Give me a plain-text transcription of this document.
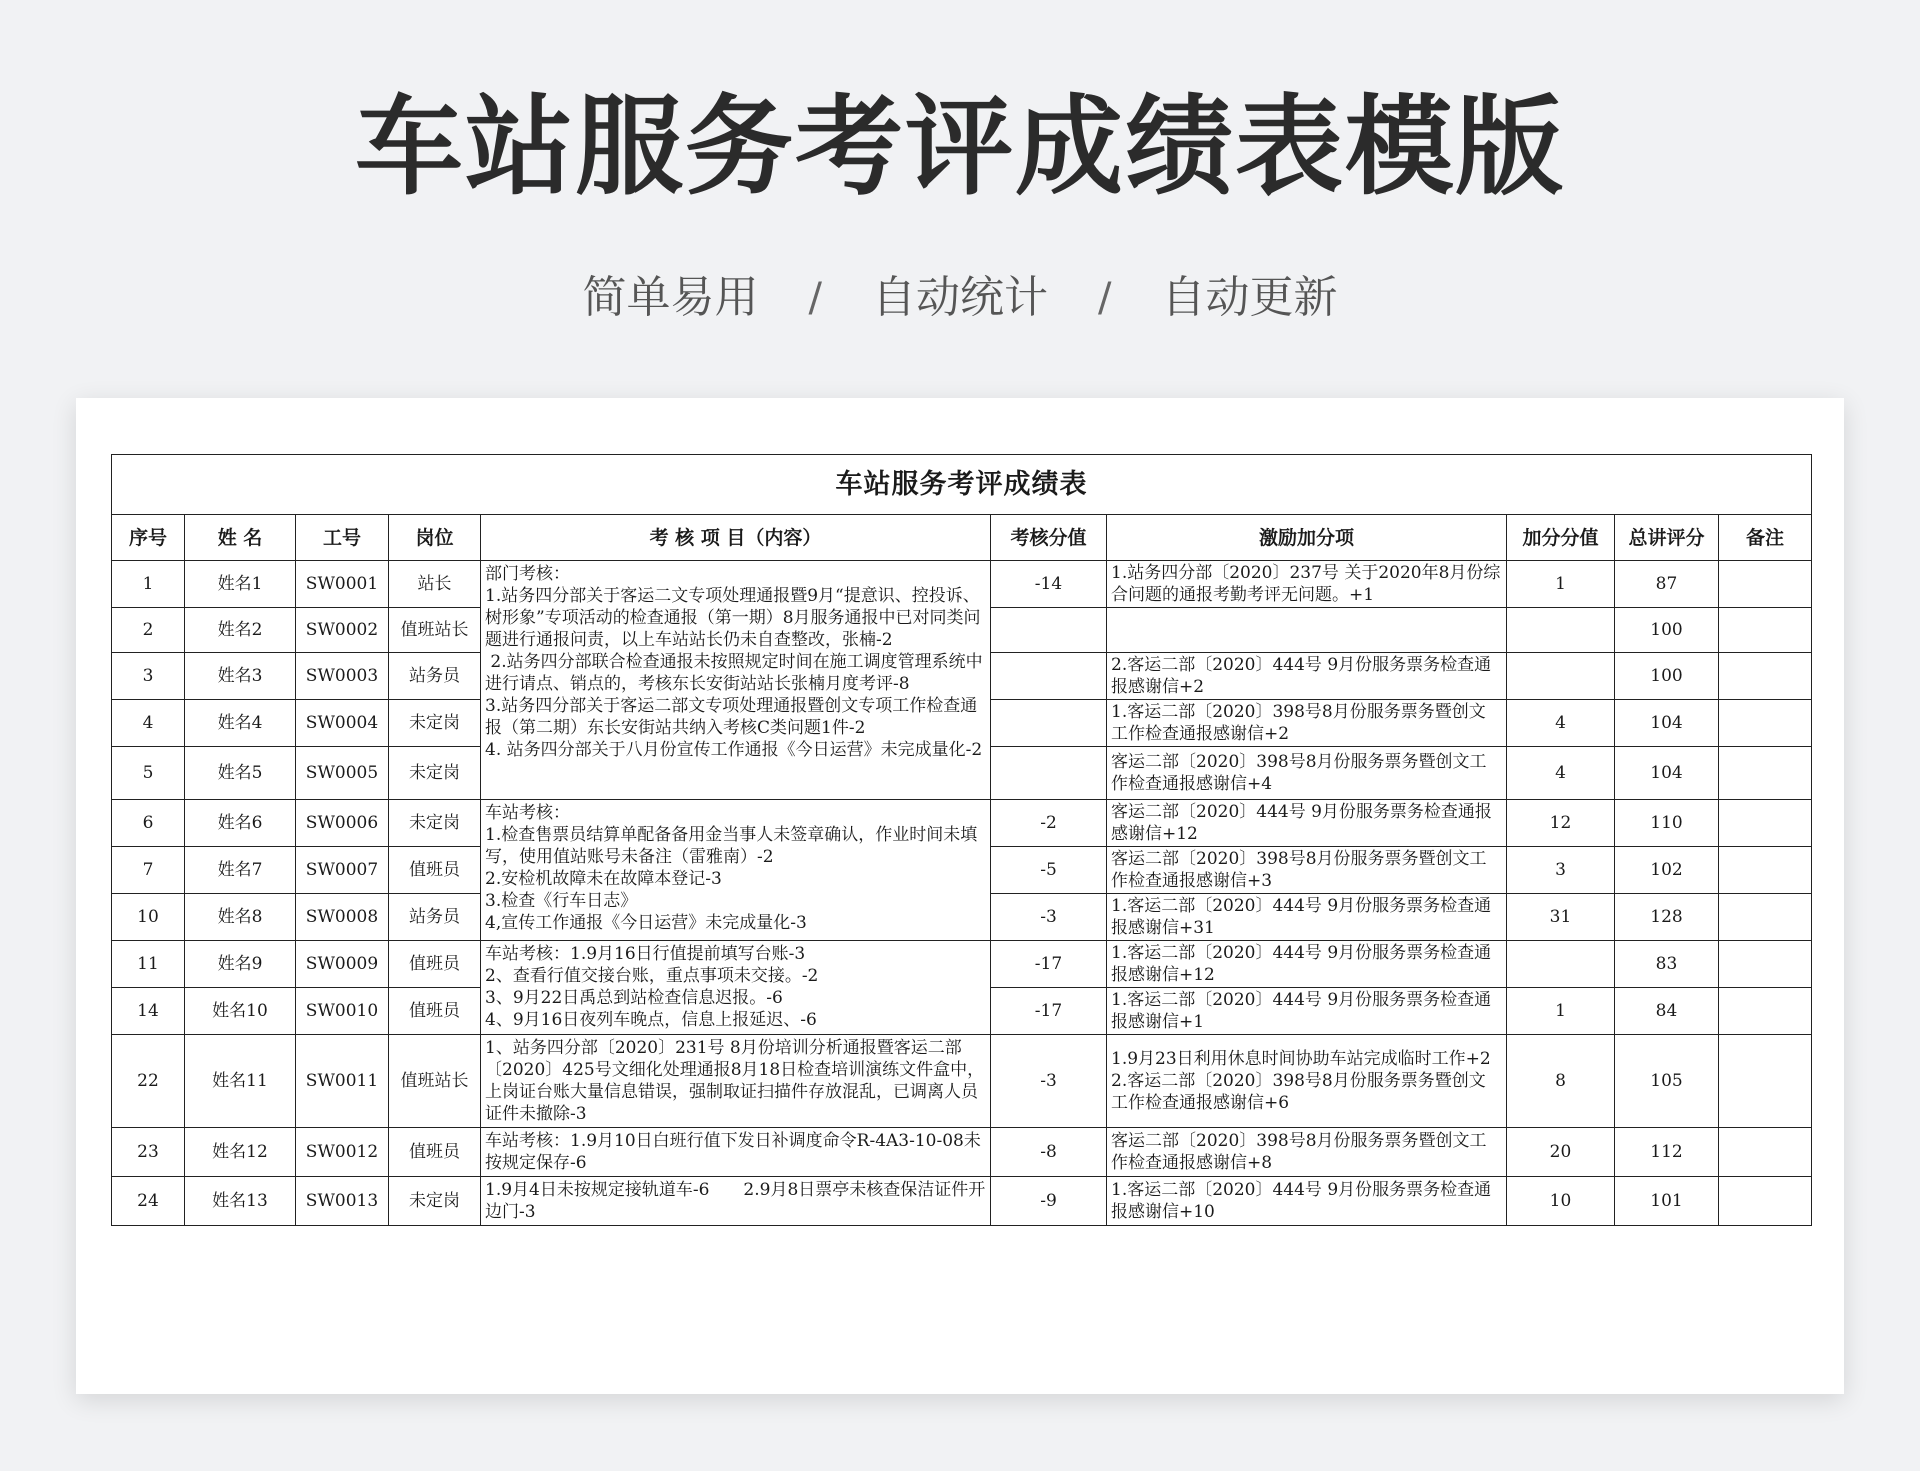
车站服务考评成绩表模版
简单易用 / 自动统计 / 自动更新
车站服务考评成绩表									
序号	姓 名	工号	岗位	考 核 项 目（内容）	考核分值	激励加分项	加分分值	总讲评分	备注
1	姓名1	SW0001	站长	部门考核：
1.站务四分部关于客运二文专项处理通报暨9月“提意识、控投诉、树形象”专项活动的检查通报（第一期）8月服务通报中已对同类问题进行通报问责，以上车站站长仍未自查整改，张楠-2
2.站务四分部联合检查通报未按照规定时间在施工调度管理系统中进行请点、销点的，考核东长安街站站长张楠月度考评-8
3.站务四分部关于客运二部文专项处理通报暨创文专项工作检查通报（第二期）东长安街站共纳入考核C类问题1件-2
4. 站务四分部关于八月份宣传工作通报《今日运营》未完成量化-2	-14	1.站务四分部〔2020〕237号 关于2020年8月份综合问题的通报考勤考评无问题。+1	1	87	
2	姓名2	SW0002	值班站长					100	
3	姓名3	SW0003	站务员			2.客运二部〔2020〕444号 9月份服务票务检查通报感谢信+2		100	
4	姓名4	SW0004	未定岗			1.客运二部〔2020〕398号8月份服务票务暨创文工作检查通报感谢信+2	4	104	
5	姓名5	SW0005	未定岗			客运二部〔2020〕398号8月份服务票务暨创文工作检查通报感谢信+4	4	104	
6	姓名6	SW0006	未定岗	车站考核：
1.检查售票员结算单配备备用金当事人未签章确认，作业时间未填写，使用值站账号未备注（雷雅南）-2
2.安检机故障未在故障本登记-3
3.检查《行车日志》
4,宣传工作通报《今日运营》未完成量化-3	-2	客运二部〔2020〕444号 9月份服务票务检查通报感谢信+12	12	110	
7	姓名7	SW0007	值班员		-5	客运二部〔2020〕398号8月份服务票务暨创文工作检查通报感谢信+3	3	102	
10	姓名8	SW0008	站务员		-3	1.客运二部〔2020〕444号 9月份服务票务检查通报感谢信+31	31	128	
11	姓名9	SW0009	值班员	车站考核：1.9月16日行值提前填写台账-3
2、查看行值交接台账，重点事项未交接。-2
3、9月22日禹总到站检查信息迟报。-6
4、9月16日夜列车晚点，信息上报延迟、-6	-17	1.客运二部〔2020〕444号 9月份服务票务检查通报感谢信+12		83	
14	姓名10	SW0010	值班员		-17	1.客运二部〔2020〕444号 9月份服务票务检查通报感谢信+1	1	84	
22	姓名11	SW0011	值班站长	1、站务四分部〔2020〕231号 8月份培训分析通报暨客运二部〔2020〕425号文细化处理通报8月18日检查培训演练文件盒中，上岗证台账大量信息错误，强制取证扫描件存放混乱，已调离人员证件未撤除-3	-3	1.9月23日利用休息时间协助车站完成临时工作+2
2.客运二部〔2020〕398号8月份服务票务暨创文工作检查通报感谢信+6	8	105	
23	姓名12	SW0012	值班员	车站考核：1.9月10日白班行值下发日补调度命令R-4A3-10-08未按规定保存-6	-8	客运二部〔2020〕398号8月份服务票务暨创文工作检查通报感谢信+8	20	112	
24	姓名13	SW0013	未定岗	1.9月4日未按规定接轨道车-6　　2.9月8日票亭未核查保洁证件开边门-3	-9	1.客运二部〔2020〕444号 9月份服务票务检查通报感谢信+10	10	101	
